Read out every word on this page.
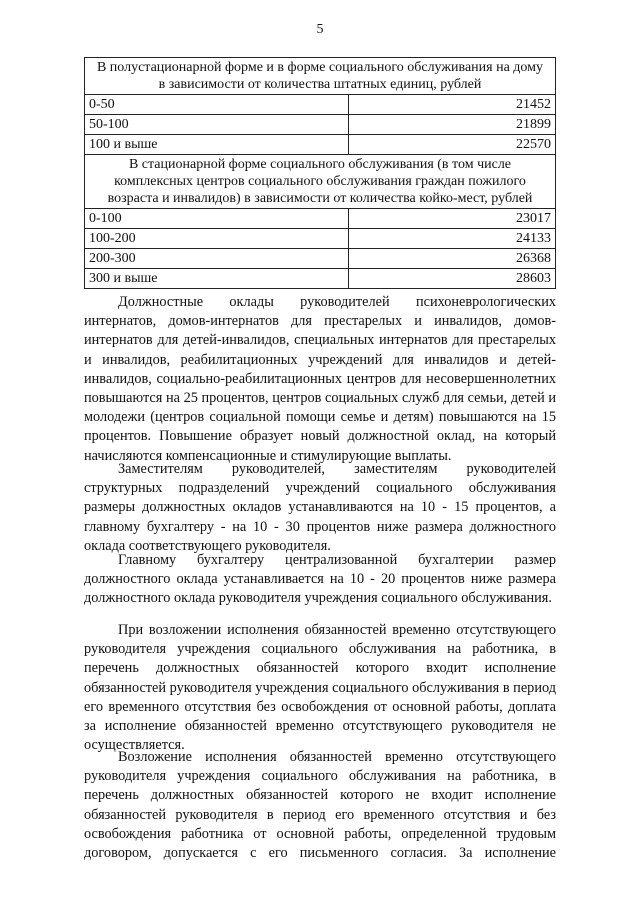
5
В полустационарной форме и в форме социального обслуживания на дому в зависимости от количества штатных единиц, рублей	
0-50	21452
50-100	21899
100 и выше	22570
В стационарной форме социального обслуживания (в том числе комплексных центров социального обслуживания граждан пожилого возраста и инвалидов) в зависимости от количества койко-мест, рублей	
0-100	23017
100-200	24133
200-300	26368
300 и выше	28603

Должностные оклады руководителей психоневрологических интернатов, домов-интернатов для престарелых и инвалидов, домов-интернатов для детей-инвалидов, специальных интернатов для престарелых и инвалидов, реабилитационных учреждений для инвалидов и детей-инвалидов, социально-реабилитационных центров для несовершеннолетних повышаются на 25 процентов, центров социальных служб для семьи, детей и молодежи (центров социальной помощи семье и детям) повышаются на 15 процентов. Повышение образует новый должностной оклад, на который начисляются компенсационные и стимулирующие выплаты.

Заместителям руководителей, заместителям руководителей структурных подразделений учреждений социального обслуживания размеры должностных окладов устанавливаются на 10 - 15 процентов, а главному бухгалтеру - на 10 - 30 процентов ниже размера должностного оклада соответствующего руководителя.

Главному бухгалтеру централизованной бухгалтерии размер должностного оклада устанавливается на 10 - 20 процентов ниже размера должностного оклада руководителя учреждения социального обслуживания.

При возложении исполнения обязанностей временно отсутствующего руководителя учреждения социального обслуживания на работника, в перечень должностных обязанностей которого входит исполнение обязанностей руководителя учреждения социального обслуживания в период его временного отсутствия без освобождения от основной работы, доплата за исполнение обязанностей временно отсутствующего руководителя не осуществляется.

Возложение исполнения обязанностей временно отсутствующего руководителя учреждения социального обслуживания на работника, в перечень должностных обязанностей которого не входит исполнение обязанностей руководителя в период его временного отсутствия и без освобождения работника от основной работы, определенной трудовым договором, допускается с его письменного согласия. За исполнение
